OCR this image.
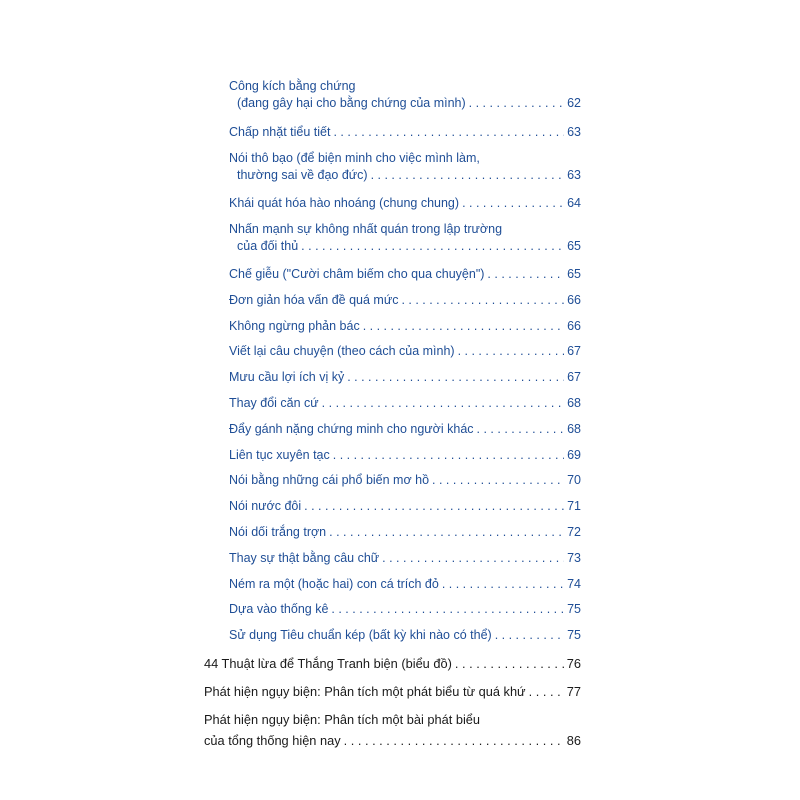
Công kích bằng chứng
(đang gây hại cho bằng chứng của mình) . . .	62
Chấp nhặt tiểu tiết . . .	63
Nói thô bạo (để biện minh cho việc mình làm,
thường sai về đạo đức) . . .	63
Khái quát hóa hào nhoáng (chung chung) . . .	64
Nhấn mạnh sự không nhất quán trong lập trường
của đối thủ . . .	65
Chế giễu ("Cười châm biếm cho qua chuyện") . . .	65
Đơn giản hóa vấn đề quá mức . . .	66
Không ngừng phản bác . . .	66
Viết lại câu chuyện (theo cách của mình) . . .	67
Mưu cầu lợi ích vị kỷ . . .	67
Thay đổi căn cứ . . .	68
Đẩy gánh nặng chứng minh cho người khác . . .	68
Liên tục xuyên tạc . . .	69
Nói bằng những cái phổ biến mơ hồ . . .	70
Nói nước đôi . . .	71
Nói dối trắng trợn . . .	72
Thay sự thật bằng câu chữ . . .	73
Ném ra một (hoặc hai) con cá trích đỏ . . .	74
Dựa vào thống kê . . .	75
Sử dụng Tiêu chuẩn kép (bất kỳ khi nào có thể) . . .	75
44 Thuật lừa để Thắng Tranh biện (biểu đồ) . . .	76
Phát hiện ngụy biện: Phân tích một phát biểu từ quá khứ . . .	77
Phát hiện ngụy biện: Phân tích một bài phát biểu
của tổng thống hiện nay . . .	86
